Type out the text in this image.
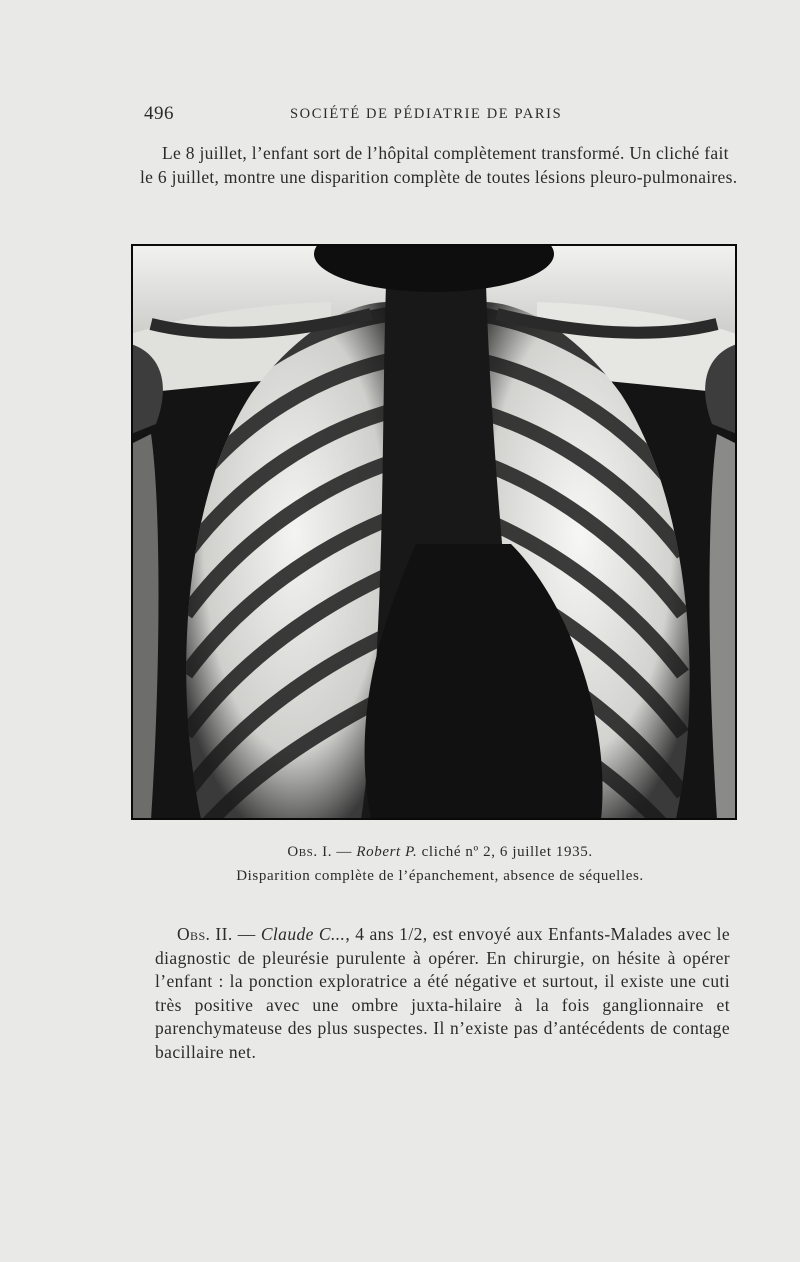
496	SOCIÉTÉ DE PÉDIATRIE DE PARIS

Le 8 juillet, l’enfant sort de l’hôpital complètement transformé. Un cliché fait le 6 juillet, montre une disparition complète de toutes lésions pleuro-pulmonaires.

Obs. I. — Robert P. cliché nº 2, 6 juillet 1935.
Disparition complète de l’épanchement, absence de séquelles.

Obs. II. — Claude C..., 4 ans 1/2, est envoyé aux Enfants-Malades avec le diagnostic de pleurésie purulente à opérer. En chirurgie, on hésite à opérer l’enfant : la ponction exploratrice a été négative et surtout, il existe une cuti très positive avec une ombre juxta-hilaire à la fois ganglionnaire et parenchymateuse des plus suspectes. Il n’existe pas d’antécédents de contage bacillaire net.
